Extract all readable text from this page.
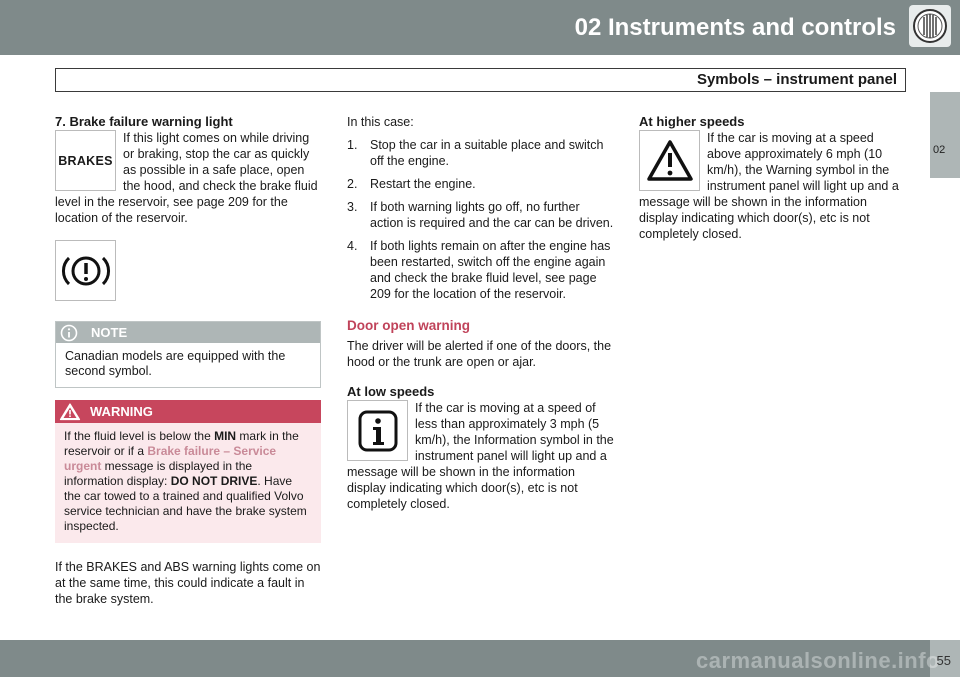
02 Instruments and controls
Symbols – instrument panel
02
7. Brake failure warning light
BRAKES

If this light comes on while driving or braking, stop the car as quickly as possible in a safe place, open the hood, and check the brake fluid level in the reservoir, see page 209 for the location of the reservoir.

NOTE
Canadian models are equipped with the second symbol.
WARNING
If the fluid level is below the MIN mark in the reservoir or if a Brake failure – Service urgent message is displayed in the information display: DO NOT DRIVE. Have the car towed to a trained and qualified Volvo service technician and have the brake system inspected.

If the BRAKES and ABS warning lights come on at the same time, this could indicate a fault in the brake system.

In this case:

1. Stop the car in a suitable place and switch off the engine.
2. Restart the engine.
3. If both warning lights go off, no further action is required and the car can be driven.
4. If both lights remain on after the engine has been restarted, switch off the engine again and check the brake fluid level, see page 209 for the location of the reservoir.
Door open warning

The driver will be alerted if one of the doors, the hood or the trunk are open or ajar.

At low speeds

If the car is moving at a speed of less than approximately 3 mph (5 km/h), the Information symbol in the instrument panel will light up and a message will be shown in the information display indicating which door(s), etc is not completely closed.

At higher speeds

If the car is moving at a speed above approximately 6 mph (10 km/h), the Warning symbol in the instrument panel will light up and a message will be shown in the information display indicating which door(s), etc is not completely closed.

carmanualsonline.info
55
